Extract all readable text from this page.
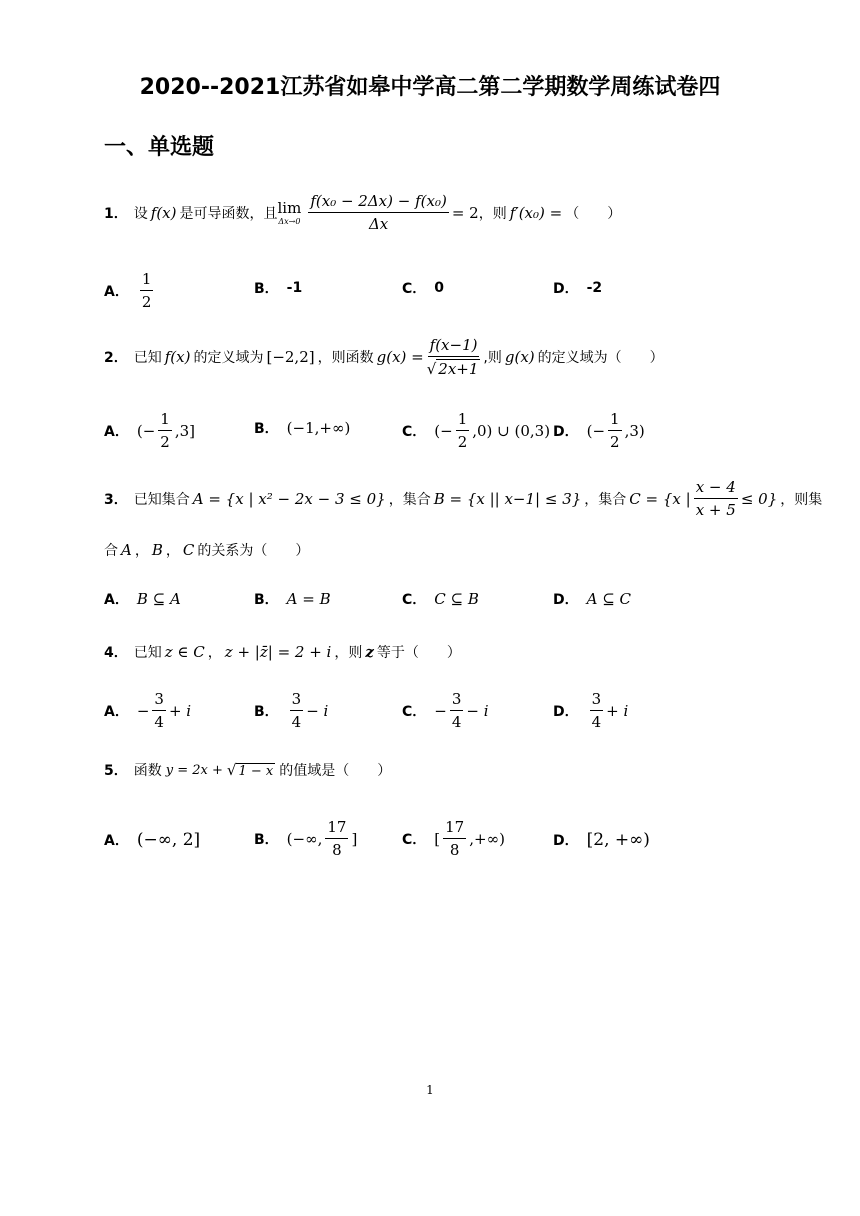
2020--2021江苏省如皋中学高二第二学期数学周练试卷四
一、单选题
1． 设 f(x) 是可导函数，且 lim
$\Delta x\to 0 \frac{\text{f(x₀ − 2Δx) − f(x₀)}}{\Delta x} = 2$ ，则 f′(x₀) = （　　）
A． $\frac{1}{2}$	B． -1	C． 0	D． -2
2． 已知 f(x) 的定义域为 [−2,2] ，则函数 $g(x) = \frac{f(x-1)}{√ 2x+1}$ ,则 g(x) 的定义域为（　　）
A． (− $\frac{1}{2} ,3$]	B． (−1,+∞)	C． (− $\frac{1}{2} ,0$) ∪ (0,3) D． (− $\frac{1}{2} ,3$)
3． 已知集合 A = {x | x² − 2x − 3 ≤ 0} ，集合 B = {x || x−1| ≤ 3} ，集合 C = {x | $\frac{x - 4}{x + 5} \le 0$} ，则集
合 A ， B ， C 的关系为（　　）
A． B ⊆ A	B． A = B	C． C ⊆ B	D． A ⊆ C
4． 已知 z ∈ C ， z + |z̄| = 2 + i ，则 z 等于（　　）
A． − $\frac{3}{4} + i$	B． $\frac{3}{4} - i$	C． − $\frac{3}{4} - i$	D． $\frac{3}{4} + i$
5． 函数 y = 2x + √ 1 − x 的值域是（　　）
A． (−∞, 2]	B． (−∞, $\frac{17}{8}$ ]	C． [ $\frac{17}{8}$ ,+∞)	D． [2, +∞)
1
